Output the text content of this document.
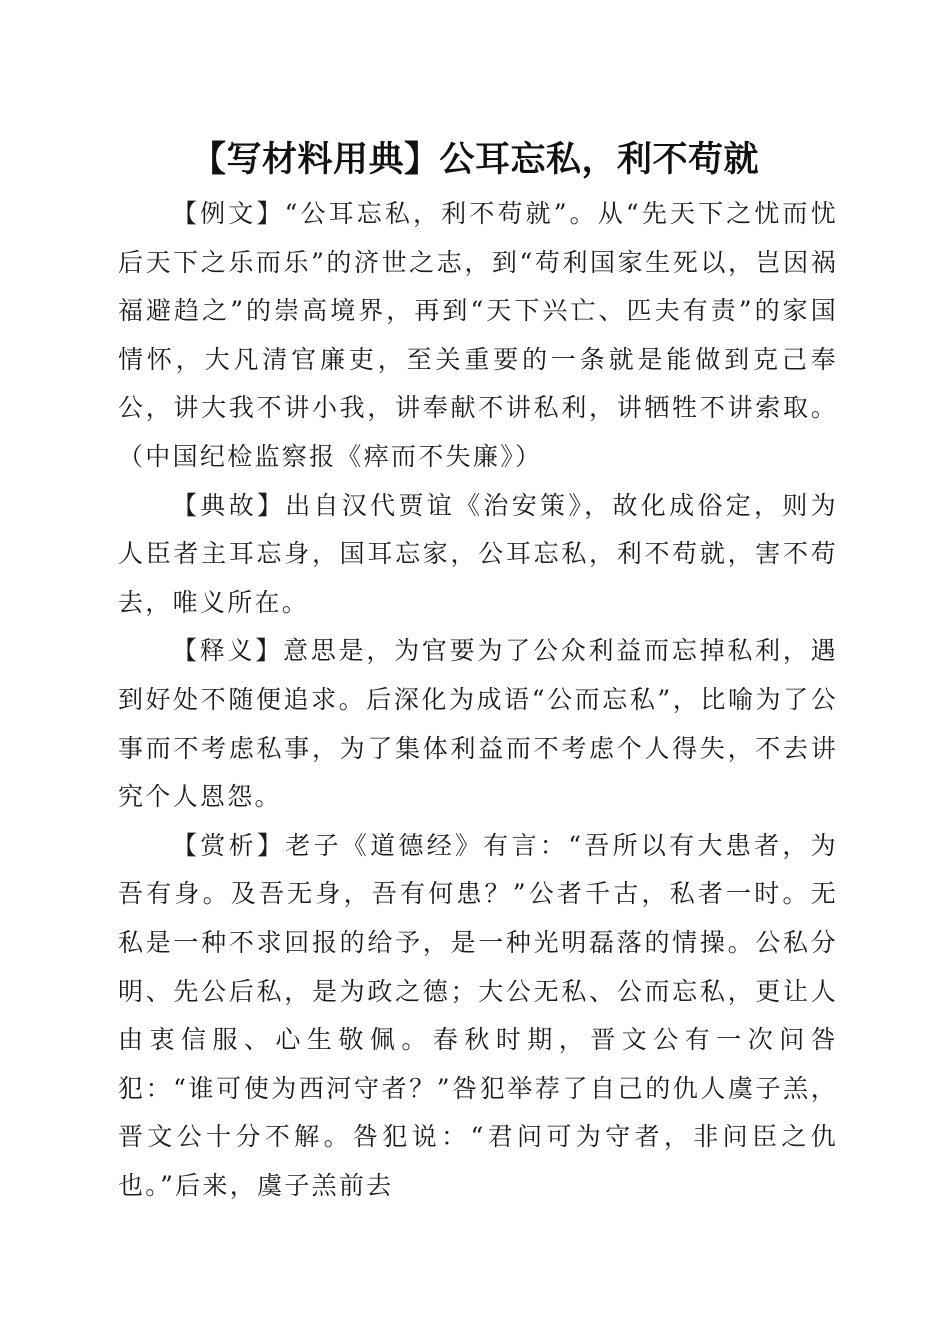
【写材料用典】公耳忘私，利不苟就

【例文】“公耳忘私，利不苟就”。从“先天下之忧而忧后天下之乐而乐”的济世之志，到“苟利国家生死以，岂因祸福避趋之”的崇高境界，再到“天下兴亡、匹夫有责”的家国情怀，大凡清官廉吏，至关重要的一条就是能做到克己奉公，讲大我不讲小我，讲奉献不讲私利，讲牺牲不讲索取。（中国纪检监察报《瘁而不失廉》）

【典故】出自汉代贾谊《治安策》，故化成俗定，则为人臣者主耳忘身，国耳忘家，公耳忘私，利不苟就，害不苟去，唯义所在。

【释义】意思是，为官要为了公众利益而忘掉私利，遇到好处不随便追求。后深化为成语“公而忘私”，比喻为了公事而不考虑私事，为了集体利益而不考虑个人得失，不去讲究个人恩怨。

【赏析】老子《道德经》有言：“吾所以有大患者，为吾有身。及吾无身，吾有何患？”公者千古，私者一时。无私是一种不求回报的给予，是一种光明磊落的情操。公私分明、先公后私，是为政之德；大公无私、公而忘私，更让人由衷信服、心生敬佩。春秋时期，晋文公有一次问咎犯：“谁可使为西河守者？”咎犯举荐了自己的仇人虞子羔，晋文公十分不解。咎犯说：“君问可为守者，非问臣之仇也。”后来，虞子羔前去
